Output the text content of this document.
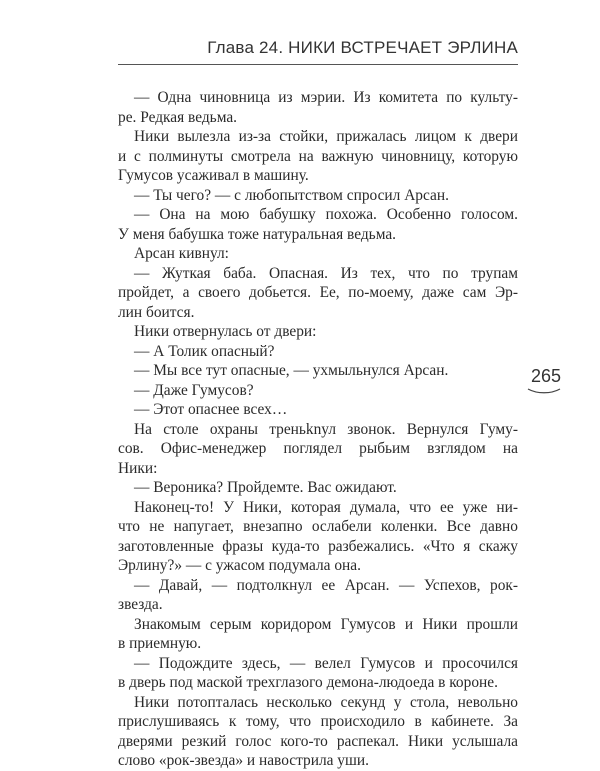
Глава 24. НИКИ ВСТРЕЧАЕТ ЭРЛИНА
— Одна чиновница из мэрии. Из комитета по культу-
ре. Редкая ведьма.
Ники вылезла из-за стойки, прижалась лицом к двери
и с полминуты смотрела на важную чиновницу, которую
Гумусов усаживал в машину.
— Ты чего? — с любопытством спросил Арсан.
— Она на мою бабушку похожа. Особенно голосом.
У меня бабушка тоже натуральная ведьма.
Арсан кивнул:
— Жуткая баба. Опасная. Из тех, что по трупам
пройдет, а своего добьется. Ее, по-моему, даже сам Эр-
лин боится.
Ники отвернулась от двери:
— А Толик опасный?
— Мы все тут опасные, — ухмыльнулся Арсан.
— Даже Гумусов?
— Этот опаснее всех…
На столе охраны треньknул звонок. Вернулся Гуму-
сов. Офис-менеджер поглядел рыбьим взглядом на
Ники:
— Вероника? Пройдемте. Вас ожидают.
Наконец-то! У Ники, которая думала, что ее уже ни-
что не напугает, внезапно ослабели коленки. Все давно
заготовленные фразы куда-то разбежались. «Что я скажу
Эрлину?» — с ужасом подумала она.
— Давай, — подтолкнул ее Арсан. — Успехов, рок-
звезда.
Знакомым серым коридором Гумусов и Ники прошли
в приемную.
— Подождите здесь, — велел Гумусов и просочился
в дверь под маской трехглазого демона-людоеда в короне.
Ники потопталась несколько секунд у стола, невольно
прислушиваясь к тому, что происходило в кабинете. За
дверями резкий голос кого-то распекал. Ники услышала
слово «рок-звезда» и навострила уши.
265
